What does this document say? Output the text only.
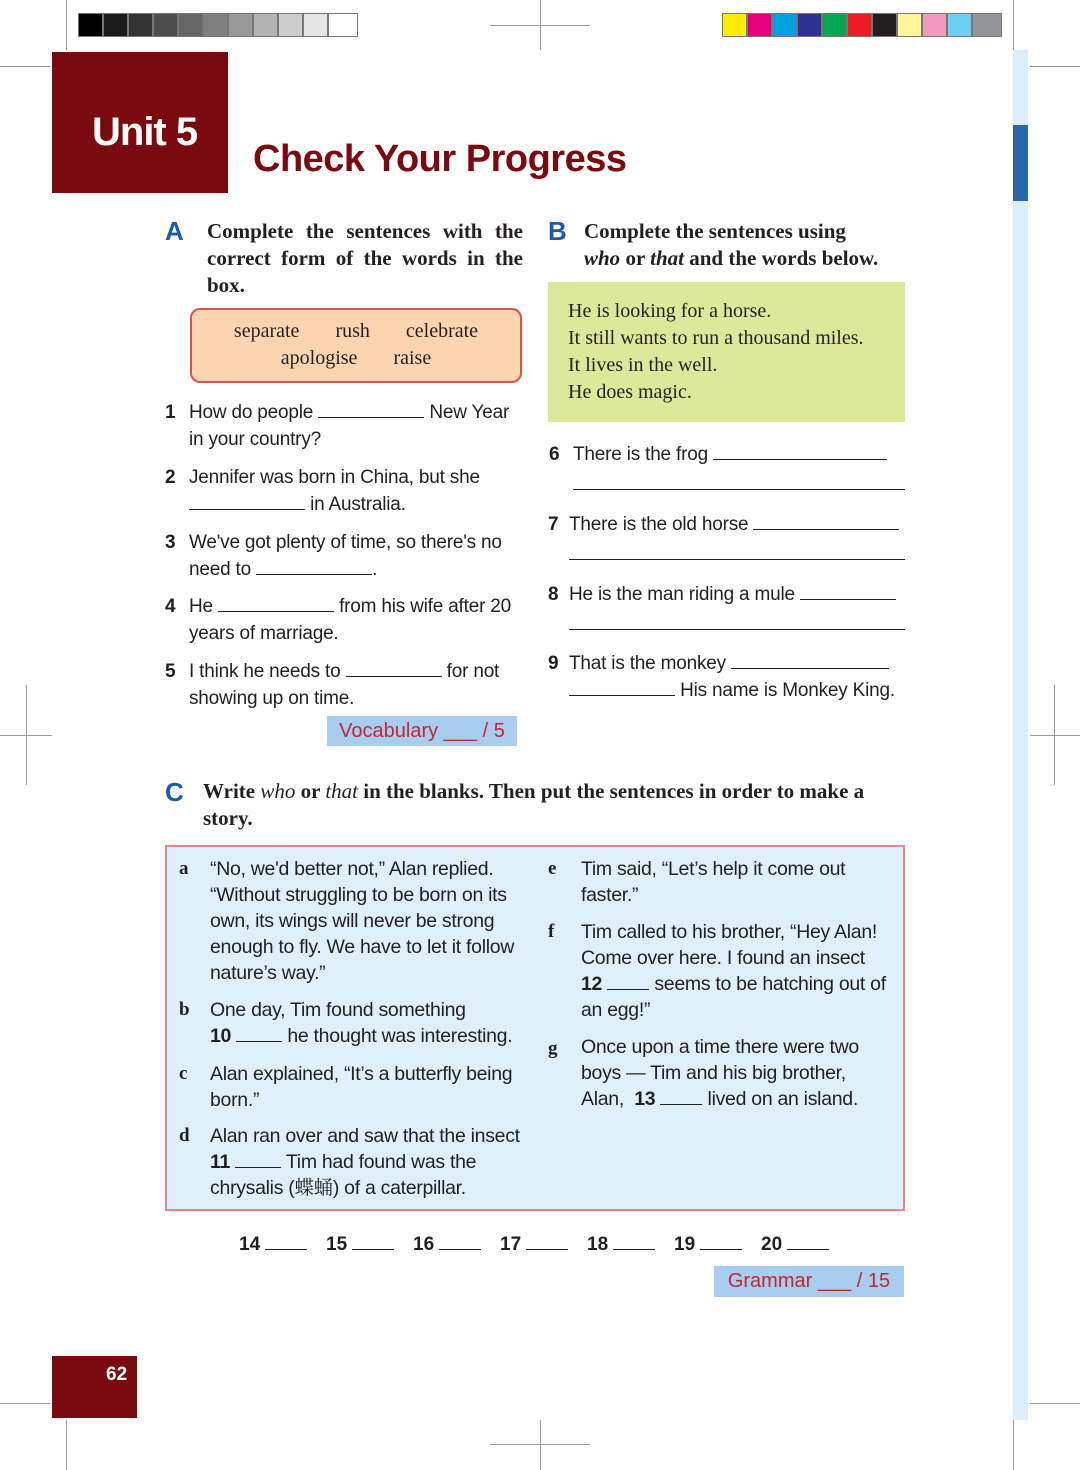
Unit 5
Check Your Progress
A Complete the sentences with the correct form of the words in the box.
separate rush celebrate
apologise raise
1 How do people	New Year
in your country?
2 Jennifer was born in China, but she
in Australia.
3 We've got plenty of time, so there's no
need to	.
4 He	from his wife after 20
years of marriage.
5 I think he needs to	for not
showing up on time.
Vocabulary ___ / 5
B Complete the sentences using
who or that and the words below.
He is looking for a horse.
It still wants to run a thousand miles.
It lives in the well.
He does magic.
6 There is the frog

7 There is the old horse

8 He is the man riding a mule

9 That is the monkey
His name is Monkey King.
C Write who or that in the blanks. Then put the sentences in order to make a story.
a “No, we'd better not,” Alan replied.
“Without struggling to be born on its
own, its wings will never be strong
enough to fly. We have to let it follow
nature’s way.”
b One day, Tim found something
10	he thought was interesting.
c Alan explained, “It’s a butterfly being
born.”
d Alan ran over and saw that the insect
11	Tim had found was the
chrysalis (蝶蛹) of a caterpillar.
e Tim said, “Let’s help it come out
faster.”
f Tim called to his brother, “Hey Alan!
Come over here. I found an insect
12	seems to be hatching out of
an egg!”
g Once upon a time there were two
boys — Tim and his big brother,
Alan, 13	lived on an island.
14	15	16	17	18	19	20
Grammar ___ / 15
62
